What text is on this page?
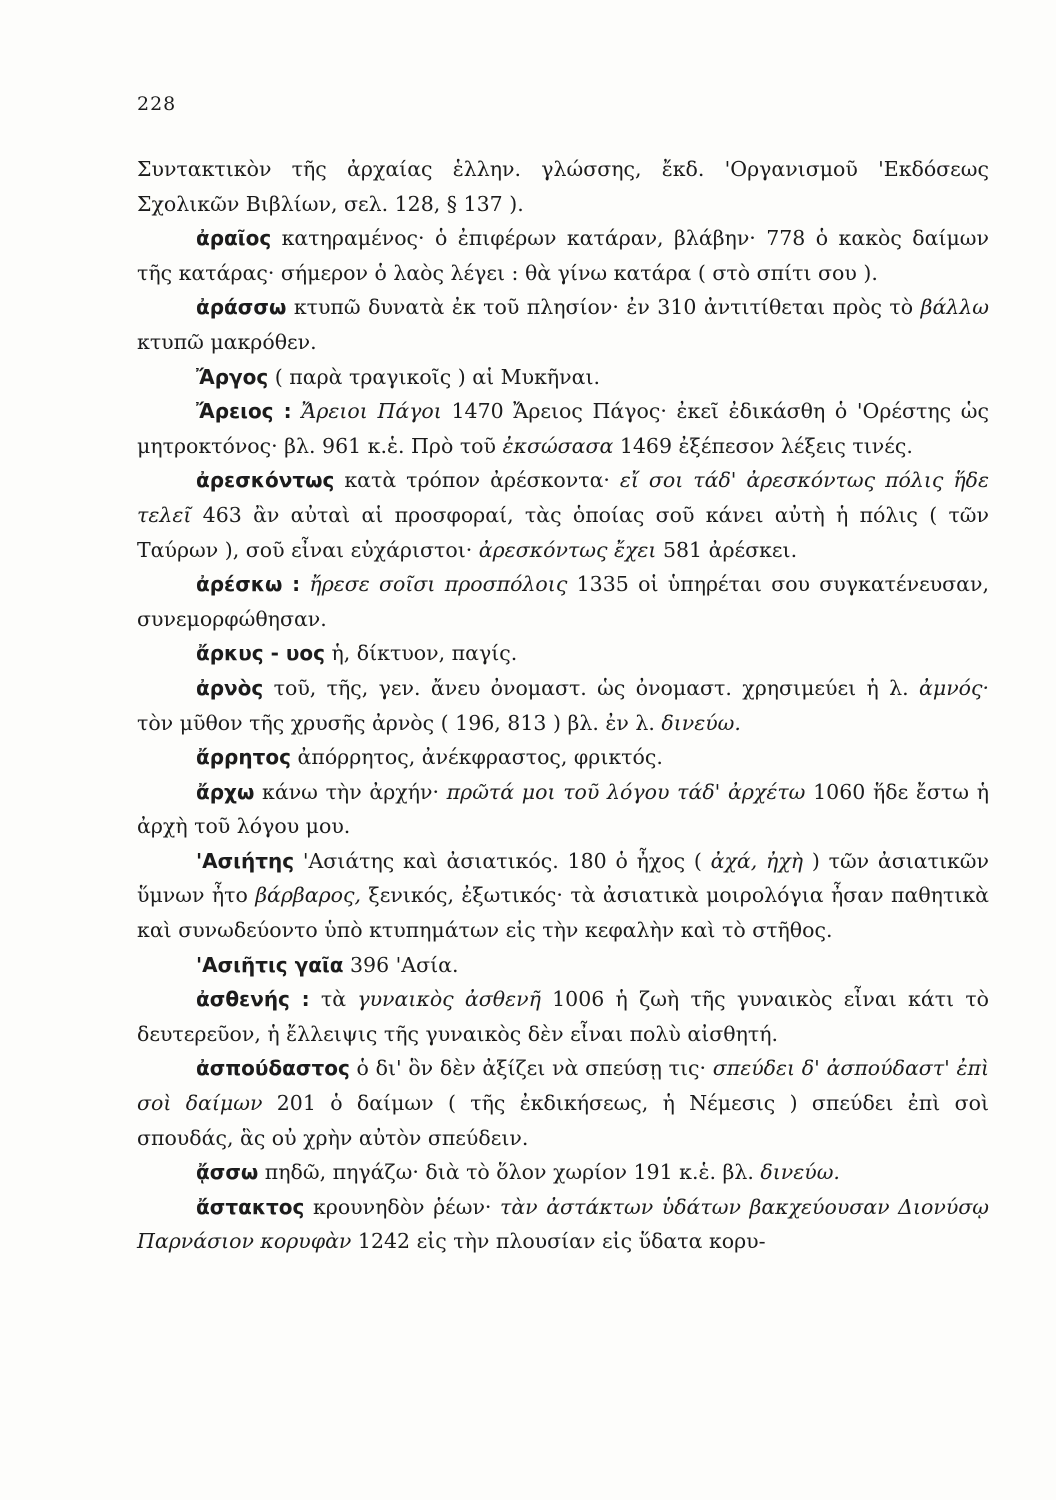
228

Συντακτικὸν τῆς ἀρχαίας ἑλλην. γλώσσης, ἔκδ. 'Οργανισμοῦ 'Εκδόσεως Σχολικῶν Βιβλίων, σελ. 128, § 137 ).

ἀραῖος κατηραμένος· ὁ ἐπιφέρων κατάραν, βλάβην· 778 ὁ κακὸς δαίμων τῆς κατάρας· σήμερον ὁ λαὸς λέγει : θὰ γίνω κατάρα ( στὸ σπίτι σου ).

ἀράσσω κτυπῶ δυνατὰ ἐκ τοῦ πλησίον· ἐν 310 ἀντιτίθεται πρὸς τὸ βάλλω κτυπῶ μακρόθεν.

Ἄργος ( παρὰ τραγικοῖς ) αἱ Μυκῆναι.

Ἄρειος : Ἄρειοι Πάγοι 1470 Ἄρειος Πάγος· ἐκεῖ ἐδικάσθη ὁ 'Ορέστης ὡς μητροκτόνος· βλ. 961 κ.ἑ. Πρὸ τοῦ ἐκσώσασα 1469 ἐξέπεσον λέξεις τινές.

ἀρεσκόντως κατὰ τρόπον ἀρέσκοντα· εἴ σοι τάδ' ἀρεσκόντως πόλις ἥδε τελεῖ 463 ἂν αὐταὶ αἱ προσφοραί, τὰς ὁποίας σοῦ κάνει αὐτὴ ἡ πόλις ( τῶν Ταύρων ), σοῦ εἶναι εὐχάριστοι· ἀρεσκόντως ἔχει 581 ἀρέσκει.

ἀρέσκω : ἤρεσε σοῖσι προσπόλοις 1335 οἱ ὑπηρέται σου συγκατένευσαν, συνεμορφώθησαν.

ἄρκυς - υος ἡ, δίκτυον, παγίς.

ἀρνὸς τοῦ, τῆς, γεν. ἄνευ ὀνομαστ. ὡς ὀνομαστ. χρησιμεύει ἡ λ. ἀμνός· τὸν μῦθον τῆς χρυσῆς ἀρνὸς ( 196, 813 ) βλ. ἐν λ. δινεύω.

ἄρρητος ἀπόρρητος, ἀνέκφραστος, φρικτός.

ἄρχω κάνω τὴν ἀρχήν· πρῶτά μοι τοῦ λόγου τάδ' ἀρχέτω 1060 ἥδε ἔστω ἡ ἀρχὴ τοῦ λόγου μου.

'Ασιήτης 'Ασιάτης καὶ ἀσιατικός. 180 ὁ ἦχος ( ἀχά, ἠχὴ ) τῶν ἀσιατικῶν ὕμνων ἦτο βάρβαρος, ξενικός, ἐξωτικός· τὰ ἀσιατικὰ μοιρολόγια ἦσαν παθητικὰ καὶ συνωδεύοντο ὑπὸ κτυπημάτων εἰς τὴν κεφαλὴν καὶ τὸ στῆθος.

'Ασιῆτις γαῖα 396 'Ασία.

ἀσθενής : τὰ γυναικὸς ἀσθενῆ 1006 ἡ ζωὴ τῆς γυναικὸς εἶναι κάτι τὸ δευτερεῦον, ἡ ἔλλειψις τῆς γυναικὸς δὲν εἶναι πολὺ αἰσθητή.

ἀσπούδαστος ὁ δι' ὃν δὲν ἀξίζει νὰ σπεύσῃ τις· σπεύδει δ' ἀσπούδαστ' ἐπὶ σοὶ δαίμων 201 ὁ δαίμων ( τῆς ἐκδικήσεως, ἡ Νέμεσις ) σπεύδει ἐπὶ σοὶ σπουδάς, ἃς οὐ χρὴν αὐτὸν σπεύδειν.

ᾄσσω πηδῶ, πηγάζω· διὰ τὸ ὅλον χωρίον 191 κ.ἑ. βλ. δινεύω.

ἄστακτος κρουνηδὸν ῥέων· τὰν ἀστάκτων ὑδάτων βακχεύουσαν Διονύσῳ Παρνάσιον κορυφὰν 1242 εἰς τὴν πλουσίαν εἰς ὕδατα κορυ-
